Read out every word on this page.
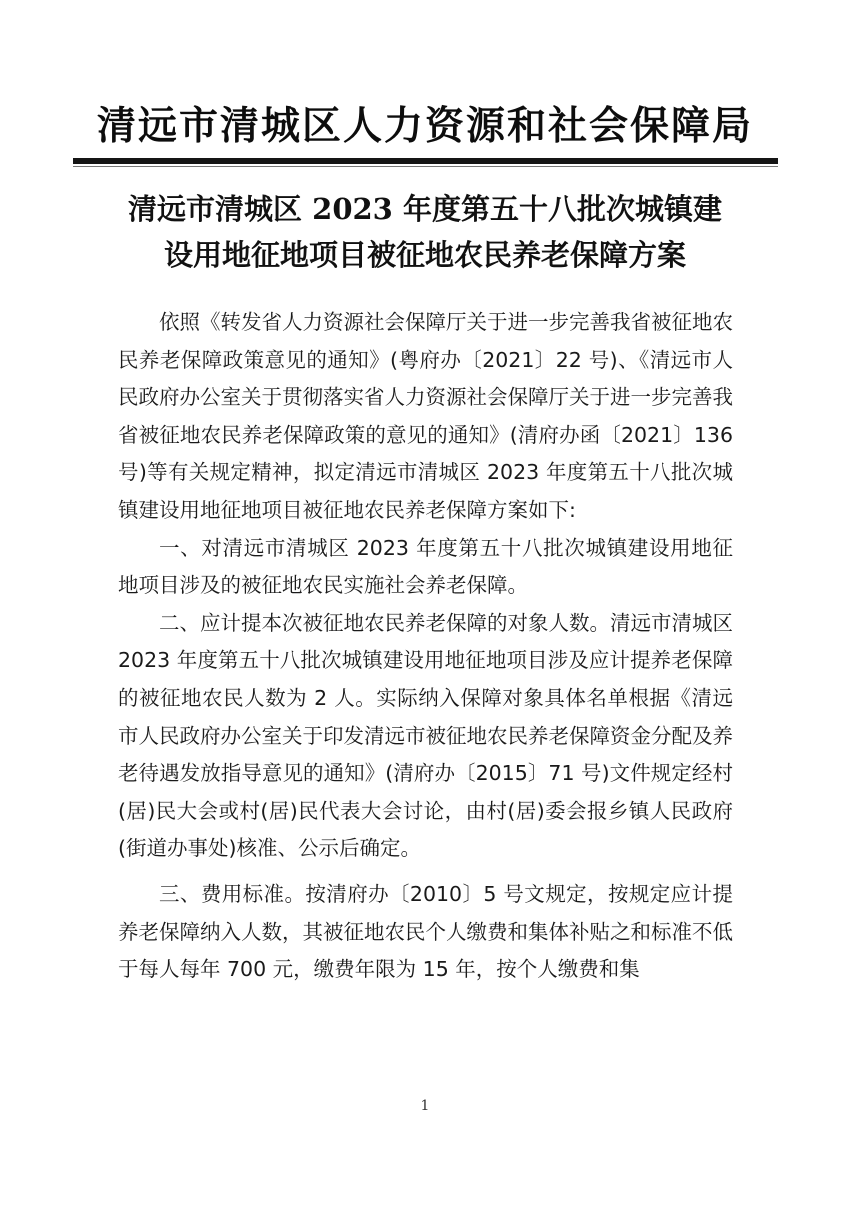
清远市清城区人力资源和社会保障局
清远市清城区 2023 年度第五十八批次城镇建
设用地征地项目被征地农民养老保障方案

依照《转发省人力资源社会保障厅关于进一步完善我省被征地农民养老保障政策意见的通知》(粤府办〔2021〕22 号)、《清远市人民政府办公室关于贯彻落实省人力资源社会保障厅关于进一步完善我省被征地农民养老保障政策的意见的通知》(清府办函〔2021〕136 号)等有关规定精神，拟定清远市清城区 2023 年度第五十八批次城镇建设用地征地项目被征地农民养老保障方案如下:

一、对清远市清城区 2023 年度第五十八批次城镇建设用地征地项目涉及的被征地农民实施社会养老保障。

二、应计提本次被征地农民养老保障的对象人数。清远市清城区 2023 年度第五十八批次城镇建设用地征地项目涉及应计提养老保障的被征地农民人数为 2 人。实际纳入保障对象具体名单根据《清远市人民政府办公室关于印发清远市被征地农民养老保障资金分配及养老待遇发放指导意见的通知》(清府办〔2015〕71 号)文件规定经村(居)民大会或村(居)民代表大会讨论，由村(居)委会报乡镇人民政府(街道办事处)核准、公示后确定。

三、费用标准。按清府办〔2010〕5 号文规定，按规定应计提养老保障纳入人数，其被征地农民个人缴费和集体补贴之和标准不低于每人每年 700 元，缴费年限为 15 年，按个人缴费和集

1
